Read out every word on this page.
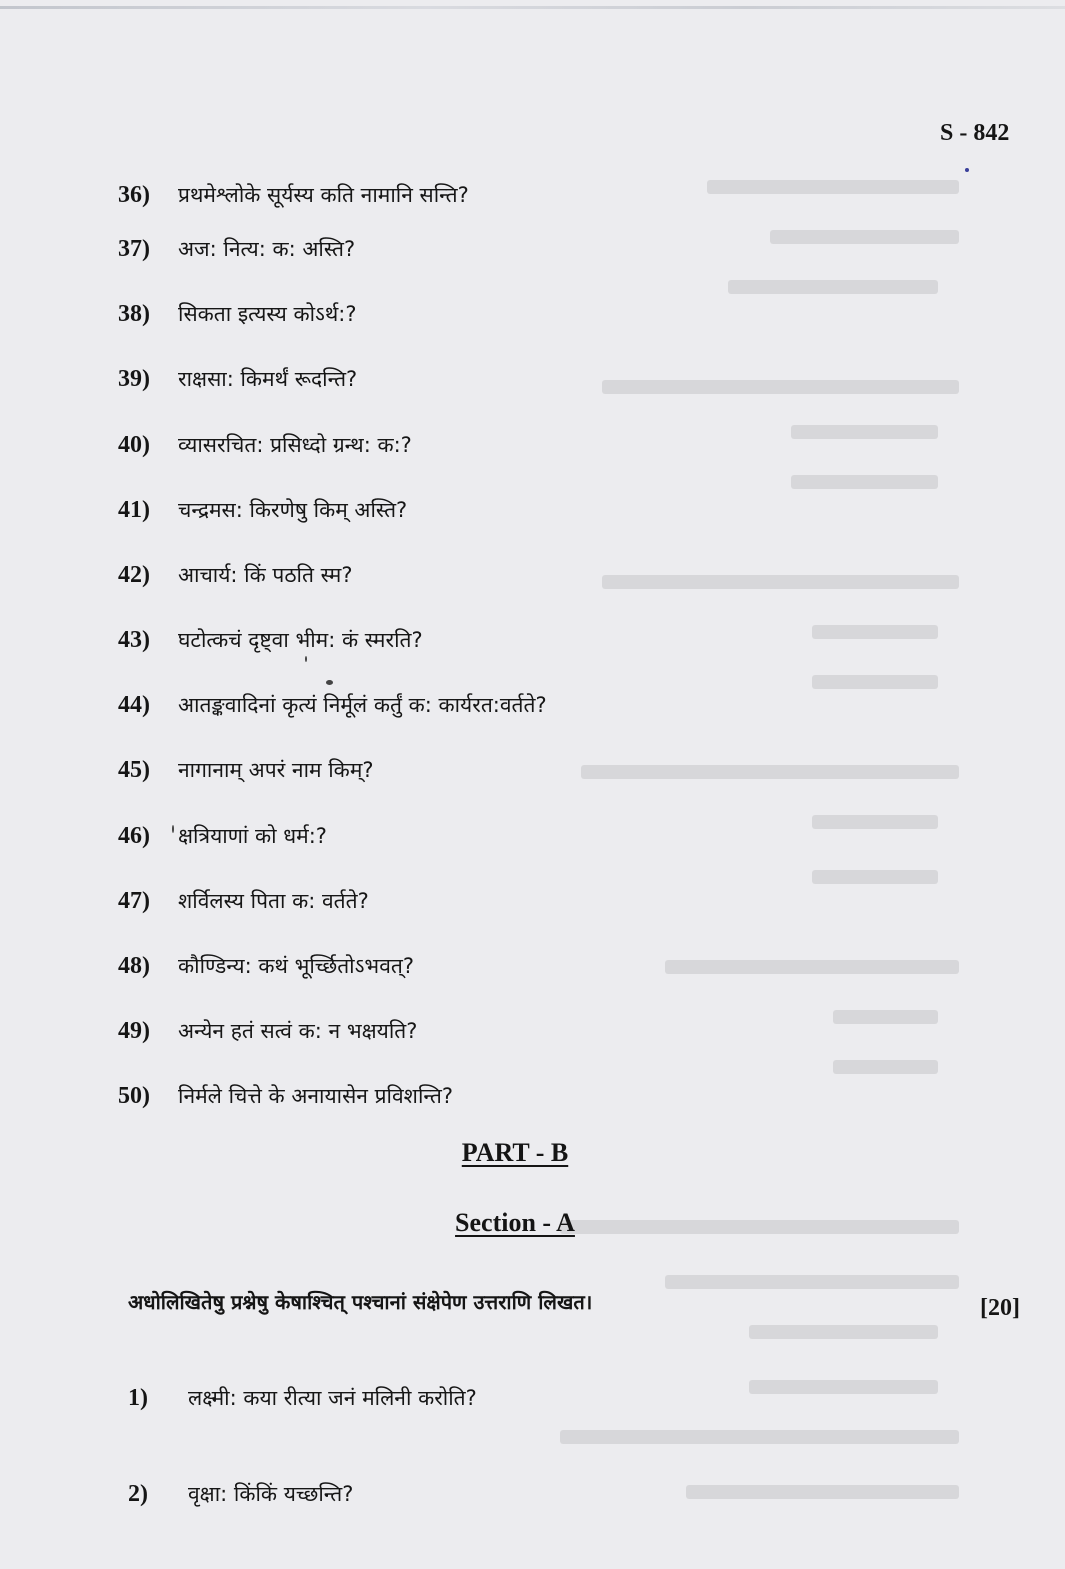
S - 842
36)	प्रथमेश्लोके सूर्यस्य कति नामानि सन्ति?
37)	अज: नित्य: क: अस्ति?
38)	सिकता इत्यस्य कोऽर्थ:?
39)	राक्षसा: किमर्थं रूदन्ति?
40)	व्यासरचित: प्रसिध्दो ग्रन्थ: क:?
41)	चन्द्रमस: किरणेषु किम् अस्ति?
42)	आचार्य: किं पठति स्म?
43)	घटोत्कचं दृष्ट्वा भीम: कं स्मरति?
44)	आतङ्कवादिनां कृत्यं निर्मूलं कर्तुं क: कार्यरत:वर्तते?
45)	नागानाम् अपरं नाम किम्?
46)	क्षत्रियाणां को धर्म:?
47)	शर्विलस्य पिता क: वर्तते?
48)	कौण्डिन्य: कथं भूर्च्छितोऽभवत्?
49)	अन्येन हतं सत्वं क: न भक्षयति?
50)	निर्मले चित्ते के अनायासेन प्रविशन्ति?
PART - B
Section - A
अधोलिखितेषु प्रश्नेषु केषाश्चित् पश्चानां संक्षेपेण उत्तराणि लिखत।	[20]
1)	लक्ष्मी: कया रीत्या जनं मलिनी करोति?
2)	वृक्षा: किंकिं यच्छन्ति?
